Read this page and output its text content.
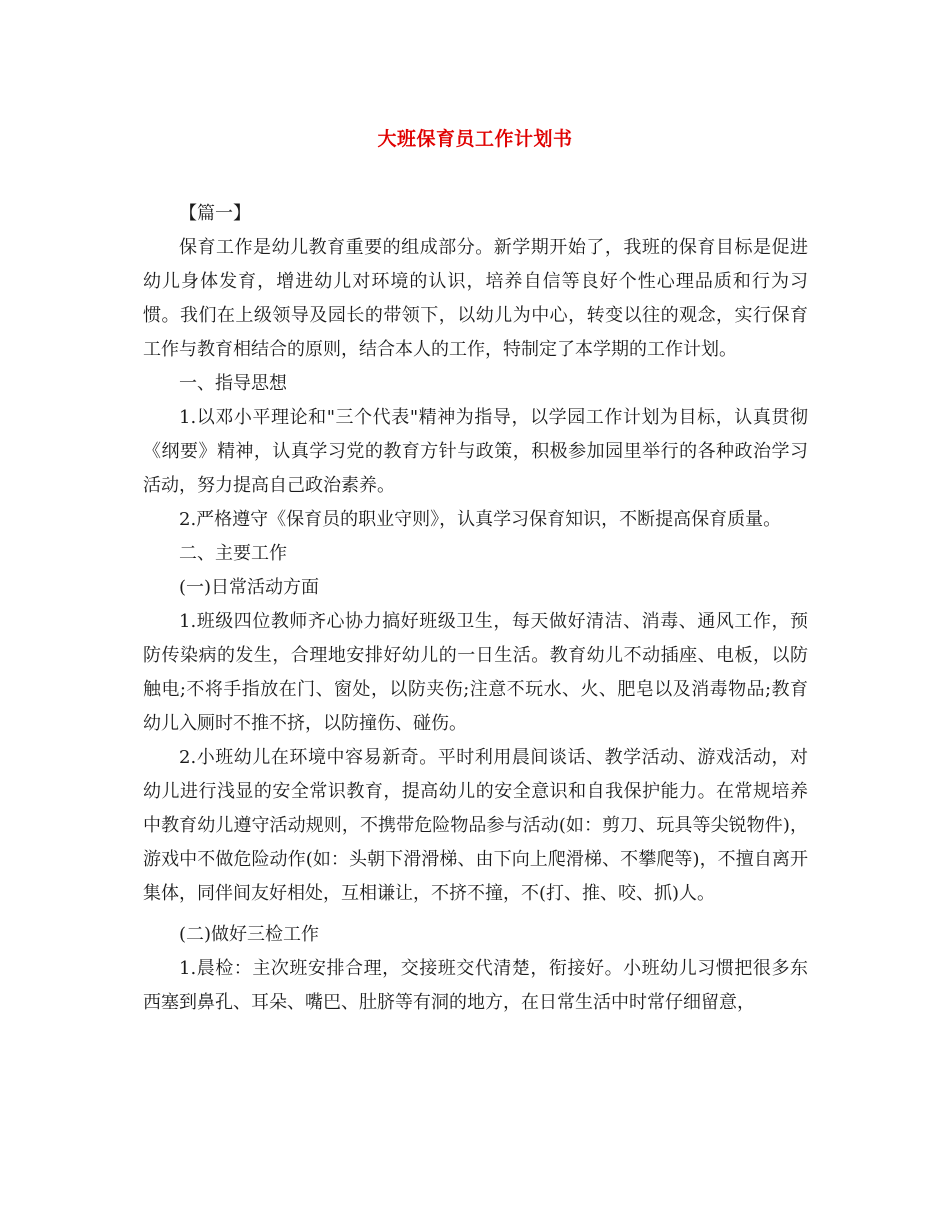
大班保育员工作计划书

【篇一】

保育工作是幼儿教育重要的组成部分。新学期开始了，我班的保育目标是促进幼儿身体发育，增进幼儿对环境的认识，培养自信等良好个性心理品质和行为习惯。我们在上级领导及园长的带领下，以幼儿为中心，转变以往的观念，实行保育工作与教育相结合的原则，结合本人的工作，特制定了本学期的工作计划。

一、指导思想

1.以邓小平理论和"三个代表"精神为指导，以学园工作计划为目标，认真贯彻《纲要》精神，认真学习党的教育方针与政策，积极参加园里举行的各种政治学习活动，努力提高自己政治素养。

2.严格遵守《保育员的职业守则》，认真学习保育知识，不断提高保育质量。

二、主要工作

(一)日常活动方面

1.班级四位教师齐心协力搞好班级卫生，每天做好清洁、消毒、通风工作，预防传染病的发生，合理地安排好幼儿的一日生活。教育幼儿不动插座、电板，以防触电;不将手指放在门、窗处，以防夹伤;注意不玩水、火、肥皂以及消毒物品;教育幼儿入厕时不推不挤，以防撞伤、碰伤。

2.小班幼儿在环境中容易新奇。平时利用晨间谈话、教学活动、游戏活动，对幼儿进行浅显的安全常识教育，提高幼儿的安全意识和自我保护能力。在常规培养中教育幼儿遵守活动规则，不携带危险物品参与活动(如：剪刀、玩具等尖锐物件)，游戏中不做危险动作(如：头朝下滑滑梯、由下向上爬滑梯、不攀爬等)，不擅自离开集体，同伴间友好相处，互相谦让，不挤不撞，不(打、推、咬、抓)人。

(二)做好三检工作

1.晨检：主次班安排合理，交接班交代清楚，衔接好。小班幼儿习惯把很多东西塞到鼻孔、耳朵、嘴巴、肚脐等有洞的地方，在日常生活中时常仔细留意，
